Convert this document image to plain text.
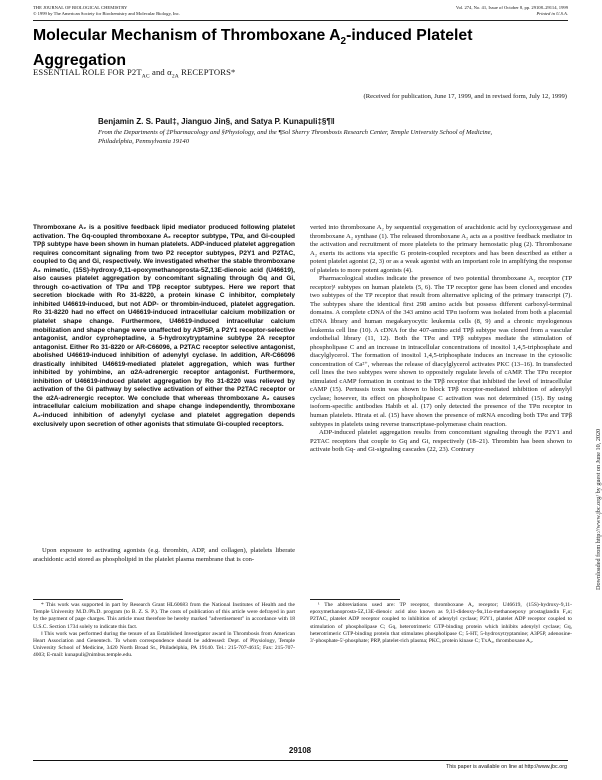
THE JOURNAL OF BIOLOGICAL CHEMISTRY
© 1999 by The American Society for Biochemistry and Molecular Biology, Inc.
Vol. 274, No. 41, Issue of October 8, pp. 29108–29114, 1999
Printed in U.S.A.
Molecular Mechanism of Thromboxane $A_2$-induced Platelet Aggregation
ESSENTIAL ROLE FOR $P2T_{AC}$ and $\alpha_{2A}$ RECEPTORS*
(Received for publication, June 17, 1999, and in revised form, July 12, 1999)
Benjamin Z. S. Paul‡, Jianguo Jin§, and Satya P. Kunapuli‡§¶‖
From the Departments of ‡Pharmacology and §Physiology, and the ¶Sol Sherry Thrombosis Research Center, Temple University School of Medicine, Philadelphia, Pennsylvania 19140
Thromboxane A₂ is a positive feedback lipid mediator produced following platelet activation. The Gq-coupled thromboxane A₂ receptor subtype, TPα, and Gi-coupled TPβ subtype have been shown in human platelets. ADP-induced platelet aggregation requires concomitant signaling from two P2 receptor subtypes, P2Y1 and P2TAC, coupled to Gq and Gi, respectively. We investigated whether the stable thromboxane A₂ mimetic, (15S)-hydroxy-9,11-epoxymethanoprosta-5Z,13E-dienoic acid (U46619), also causes platelet aggregation by concomitant signaling through Gq and Gi, through co-activation of TPα and TPβ receptor subtypes. Here we report that secretion blockade with Ro 31-8220, a protein kinase C inhibitor, completely inhibited U46619-induced, but not ADP- or thrombin-induced, platelet aggregation. Ro 31-8220 had no effect on U46619-induced intracellular calcium mobilization or platelet shape change. Furthermore, U46619-induced intracellular calcium mobilization and shape change were unaffected by A3P5P, a P2Y1 receptor-selective antagonist, and/or cyproheptadine, a 5-hydroxytryptamine subtype 2A receptor antagonist. Either Ro 31-8220 or AR-C66096, a P2TAC receptor selective antagonist, abolished U46619-induced inhibition of adenylyl cyclase. In addition, AR-C66096 drastically inhibited U46619-mediated platelet aggregation, which was further inhibited by yohimbine, an α2A-adrenergic receptor antagonist. Furthermore, inhibition of U46619-induced platelet aggregation by Ro 31-8220 was relieved by activation of the Gi pathway by selective activation of either the P2TAC receptor or the α2A-adrenergic receptor. We conclude that whereas thromboxane A₂ causes intracellular calcium mobilization and shape change independently, thromboxane A₂-induced inhibition of adenylyl cyclase and platelet aggregation depends exclusively upon secretion of other agonists that stimulate Gi-coupled receptors.
Upon exposure to activating agonists (e.g. thrombin, ADP, and collagen), platelets liberate arachidonic acid stored as phospholipid in the platelet plasma membrane that is con-

verted into thromboxane A₂ by sequential oxygenation of arachidonic acid by cyclooxygenase and thromboxane A₂ synthase (1). The released thromboxane A₂ acts as a positive feedback mediator in the activation and recruitment of more platelets to the primary hemostatic plug (2). Thromboxane A₂ exerts its actions via specific G protein-coupled receptors and has been described as either a potent platelet agonist (2, 3) or as a weak agonist with an important role in amplifying the response of platelets to more potent agonists (4).

Pharmacological studies indicate the presence of two potential thromboxane A₂ receptor (TP receptor)¹ subtypes on human platelets (5, 6). The TP receptor gene has been cloned and encodes two subtypes of the TP receptor that result from alternative splicing of the primary transcript (7). The subtypes share the identical first 298 amino acids but possess different carboxyl-terminal domains. A complete cDNA of the 343 amino acid TPα isoform was isolated from both a placental cDNA library and human megakaryocytic leukemia cells (8, 9) and a chronic myelogenous leukemia cell line (10). A cDNA for the 407-amino acid TPβ subtype was cloned from a vascular endothelial library (11, 12). Both the TPα and TPβ subtypes mediate the stimulation of phospholipase C and an increase in intracellular concentrations of inositol 1,4,5-triphosphate and diacylglycerol. The formation of inositol 1,4,5-triphosphate induces an increase in the cytosolic concentration of Ca²⁺, whereas the release of diacylglycerol activates PKC (13–16). In transfected cell lines the two subtypes were shown to oppositely regulate levels of cAMP. The TPα receptor stimulated cAMP formation in contrast to the TPβ receptor that inhibited the level of intracellular cAMP (15). Pertussis toxin was shown to block TPβ receptor-mediated inhibition of adenylyl cyclase; however, its effect on phospholipase C activation was not determined (15). By using isoform-specific antibodies Habib et al. (17) only detected the presence of the TPα receptor in human platelets. Hirata et al. (15) have shown the presence of mRNA encoding both TPα and TPβ subtypes in platelets using reverse transcriptase-polymerase chain reaction.

ADP-induced platelet aggregation results from concomitant signaling through the P2Y1 and P2TAC receptors that couple to Gq and Gi, respectively (18–21). Thrombin has been shown to activate both Gq- and Gi-signaling cascades (22, 23). Contrary

* This work was supported in part by Research Grant HL60683 from the National Institutes of Health and the Temple University M.D./Ph.D. program (to B. Z. S. P.). The costs of publication of this article were defrayed in part by the payment of page charges. This article must therefore be hereby marked "advertisement" in accordance with 18 U.S.C. Section 1734 solely to indicate this fact.

‖ This work was performed during the tenure of an Established Investigator award in Thrombosis from American Heart Association and Genentech. To whom correspondence should be addressed: Dept. of Physiology, Temple University School of Medicine, 3420 North Broad St., Philadelphia, PA 19140. Tel.: 215-707-4615; Fax: 215-707-4003; E-mail: kunapuli@nimbus.temple.edu.

¹ The abbreviations used are: TP receptor, thromboxane A₂ receptor; U46619, (15S)-hydroxy-9,11-epoxymethanoprosta-5Z,13E-dienoic acid also known as 9,11-dideoxy-9α,11α-methanoepoxy prostaglandin F₂α; P2TAC, platelet ADP receptor coupled to inhibition of adenylyl cyclase; P2Y1, platelet ADP receptor coupled to stimulation of phospholipase C; Gq, heterotrimeric GTP-binding protein which inhibits adenylyl cyclase; Gq, heterotrimeric GTP-binding protein that stimulates phospholipase C; 5-HT, 5-hydroxytryptamine; A3P5P, adenosine-3'-phosphate-5'-phosphate; PRP, platelet-rich plasma; PKC, protein kinase C; TxA₂, thromboxane A₂.

Downloaded from http://www.jbc.org/ by guest on June 10, 2020
29108
This paper is available on line at http://www.jbc.org
